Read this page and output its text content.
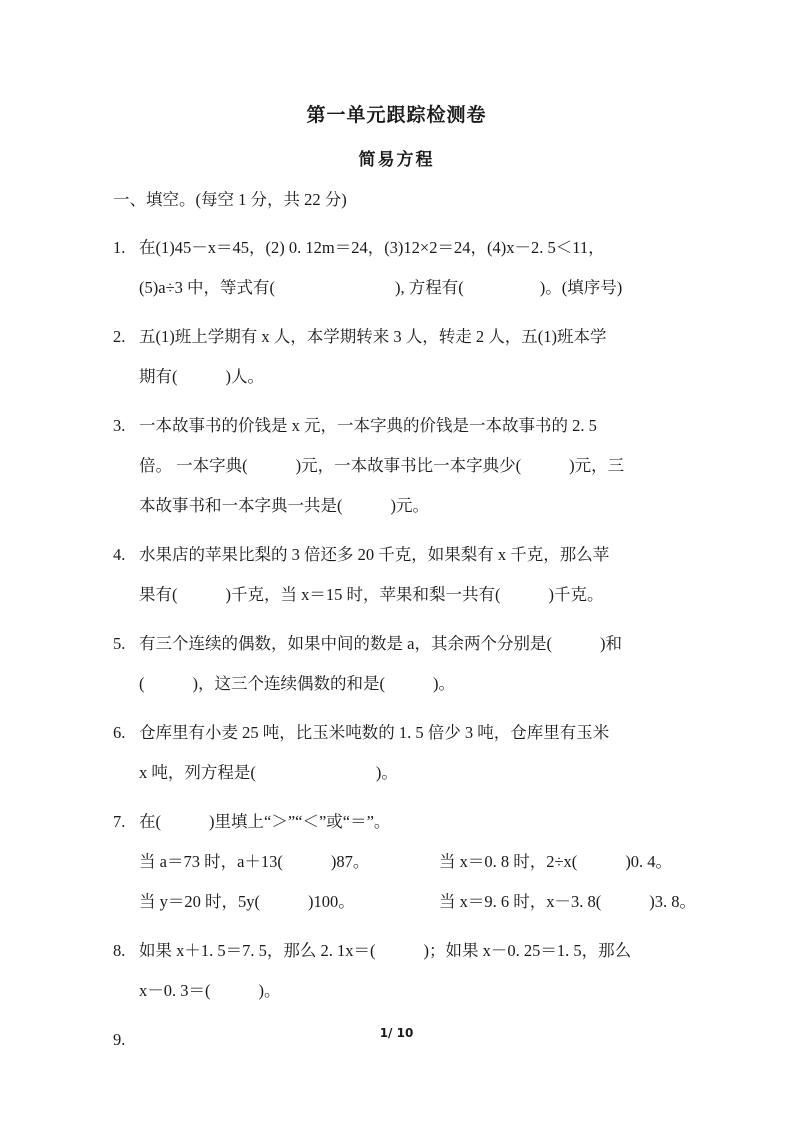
第一单元跟踪检测卷
简易方程
一、填空。(每空 1 分，共 22 分)
1. 在(1)45－x＝45，(2) 0. 12m＝24，(3)12×2＝24，(4)x－2. 5＜11，
(5)a÷3 中，等式有(	), 方程有(	)。(填序号)
2. 五(1)班上学期有 x 人，本学期转来 3 人，转走 2 人，五(1)班本学
期有(	)人。
3. 一本故事书的价钱是 x 元，一本字典的价钱是一本故事书的 2. 5
倍。 一本字典(	)元，一本故事书比一本字典少(	)元，三
本故事书和一本字典一共是(	)元。
4. 水果店的苹果比梨的 3 倍还多 20 千克，如果梨有 x 千克，那么苹
果有(	)千克，当 x＝15 时，苹果和梨一共有(	)千克。
5. 有三个连续的偶数，如果中间的数是 a，其余两个分别是(	)和
(	)，这三个连续偶数的和是(	)。
6. 仓库里有小麦 25 吨，比玉米吨数的 1. 5 倍少 3 吨，仓库里有玉米
x 吨，列方程是(	)。
7. 在(	)里填上“＞”“＜”或“＝”。
当 a＝73 时，a＋13(	)87。	当 x＝0. 8 时，2÷x(	)0. 4。
当 y＝20 时，5y(	)100。	当 x＝9. 6 时，x－3. 8(	)3. 8。
8. 如果 x＋1. 5＝7. 5，那么 2. 1x＝(	)；如果 x－0. 25＝1. 5，那么
x－0. 3＝(	)。
9.	1/ 10
